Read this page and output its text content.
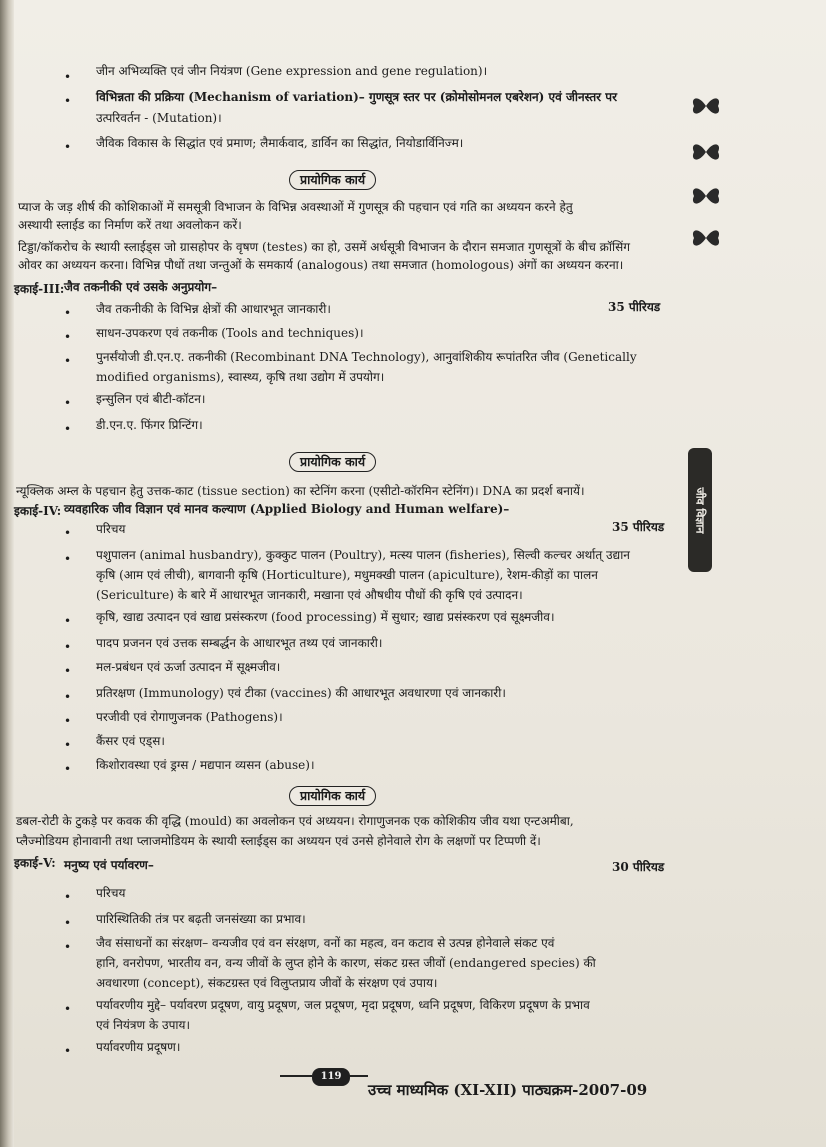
• जीन अभिव्यक्ति एवं जीन नियंत्रण (Gene expression and gene regulation)।
• विभिन्नता की प्रक्रिया (Mechanism of variation)– गुणसूत्र स्तर पर (क्रोमोसोमनल एबरेशन) एवं जीनस्तर पर
उत्परिवर्तन - (Mutation)।
• जैविक विकास के सिद्धांत एवं प्रमाण; लैमार्कवाद, डार्विन का सिद्धांत, नियोडार्विनिज्म।
प्रायोगिक कार्य
प्याज के जड़ शीर्ष की कोशिकाओं में समसूत्री विभाजन के विभिन्न अवस्थाओं में गुणसूत्र की पहचान एवं गति का अध्ययन करने हेतु
अस्थायी स्लाईड का निर्माण करें तथा अवलोकन करें।
टिड्डा/कॉकरोच के स्थायी स्लाईड्स जो ग्रासहोपर के वृषण (testes) का हो, उसमें अर्धसूत्री विभाजन के दौरान समजात गुणसूत्रों के बीच क्रॉसिंग
ओवर का अध्ययन करना। विभिन्न पौधों तथा जन्तुओं के समकार्य (analogous) तथा समजात (homologous) अंगों का अध्ययन करना।
इकाई-III: जैव तकनीकी एवं उसके अनुप्रयोग–
• जैव तकनीकी के विभिन्न क्षेत्रों की आधारभूत जानकारी।	35 पीरियड
• साधन-उपकरण एवं तकनीक (Tools and techniques)।
• पुनर्संयोजी डी.एन.ए. तकनीकी (Recombinant DNA Technology), आनुवांशिकीय रूपांतरित जीव (Genetically
modified organisms), स्वास्थ्य, कृषि तथा उद्योग में उपयोग।
• इन्सुलिन एवं बीटी-कॉटन।
• डी.एन.ए. फिंगर प्रिन्टिंग।
प्रायोगिक कार्य
न्यूक्लिक अम्ल के पहचान हेतु उत्तक-काट (tissue section) का स्टेनिंग करना (एसीटो-कॉरमिन स्टेनिंग)। DNA का प्रदर्श बनायें।
इकाई-IV: व्यवहारिक जीव विज्ञान एवं मानव कल्याण (Applied Biology and Human welfare)–
35 पीरियड
• परिचय
• पशुपालन (animal husbandry), कुक्कुट पालन (Poultry), मत्स्य पालन (fisheries), सिल्वी कल्चर अर्थात् उद्यान
कृषि (आम एवं लीची), बागवानी कृषि (Horticulture), मधुमक्खी पालन (apiculture), रेशम-कीड़ों का पालन
(Sericulture) के बारे में आधारभूत जानकारी, मखाना एवं औषधीय पौधों की कृषि एवं उत्पादन।
• कृषि, खाद्य उत्पादन एवं खाद्य प्रसंस्करण (food processing) में सुधार; खाद्य प्रसंस्करण एवं सूक्ष्मजीव।
• पादप प्रजनन एवं उत्तक सम्बर्द्धन के आधारभूत तथ्य एवं जानकारी।
• मल-प्रबंधन एवं ऊर्जा उत्पादन में सूक्ष्मजीव।
• प्रतिरक्षण (Immunology) एवं टीका (vaccines) की आधारभूत अवधारणा एवं जानकारी।
• परजीवी एवं रोगाणुजनक (Pathogens)।
• कैंसर एवं एड्स।
• किशोरावस्था एवं ड्रग्स / मद्यपान व्यसन (abuse)।
प्रायोगिक कार्य
डबल-रोटी के टुकड़े पर कवक की वृद्धि (mould) का अवलोकन एवं अध्ययन। रोगाणुजनक एक कोशिकीय जीव यथा एन्टअमीबा,
प्लैज्मोडियम होनावानी तथा प्लाजमोडियम के स्थायी स्लाईड्स का अध्ययन एवं उनसे होनेवाले रोग के लक्षणों पर टिप्पणी दें।
इकाई-V: मनुष्य एवं पर्यावरण–	30 पीरियड
• परिचय
• पारिस्थितिकी तंत्र पर बढ़ती जनसंख्या का प्रभाव।
• जैव संसाधनों का संरक्षण– वन्यजीव एवं वन संरक्षण, वनों का महत्व, वन कटाव से उत्पन्न होनेवाले संकट एवं
हानि, वनरोपण, भारतीय वन, वन्य जीवों के लुप्त होने के कारण, संकट ग्रस्त जीवों (endangered species) की
अवधारणा (concept), संकटग्रस्त एवं विलुप्तप्राय जीवों के संरक्षण एवं उपाय।
• पर्यावरणीय मुद्दे– पर्यावरण प्रदूषण, वायु प्रदूषण, जल प्रदूषण, मृदा प्रदूषण, ध्वनि प्रदूषण, विकिरण प्रदूषण के प्रभाव
एवं नियंत्रण के उपाय।
• पर्यावरणीय प्रदूषण।
जीव विज्ञान
119
उच्च माध्यमिक (XI-XII) पाठ्यक्रम-2007-09
